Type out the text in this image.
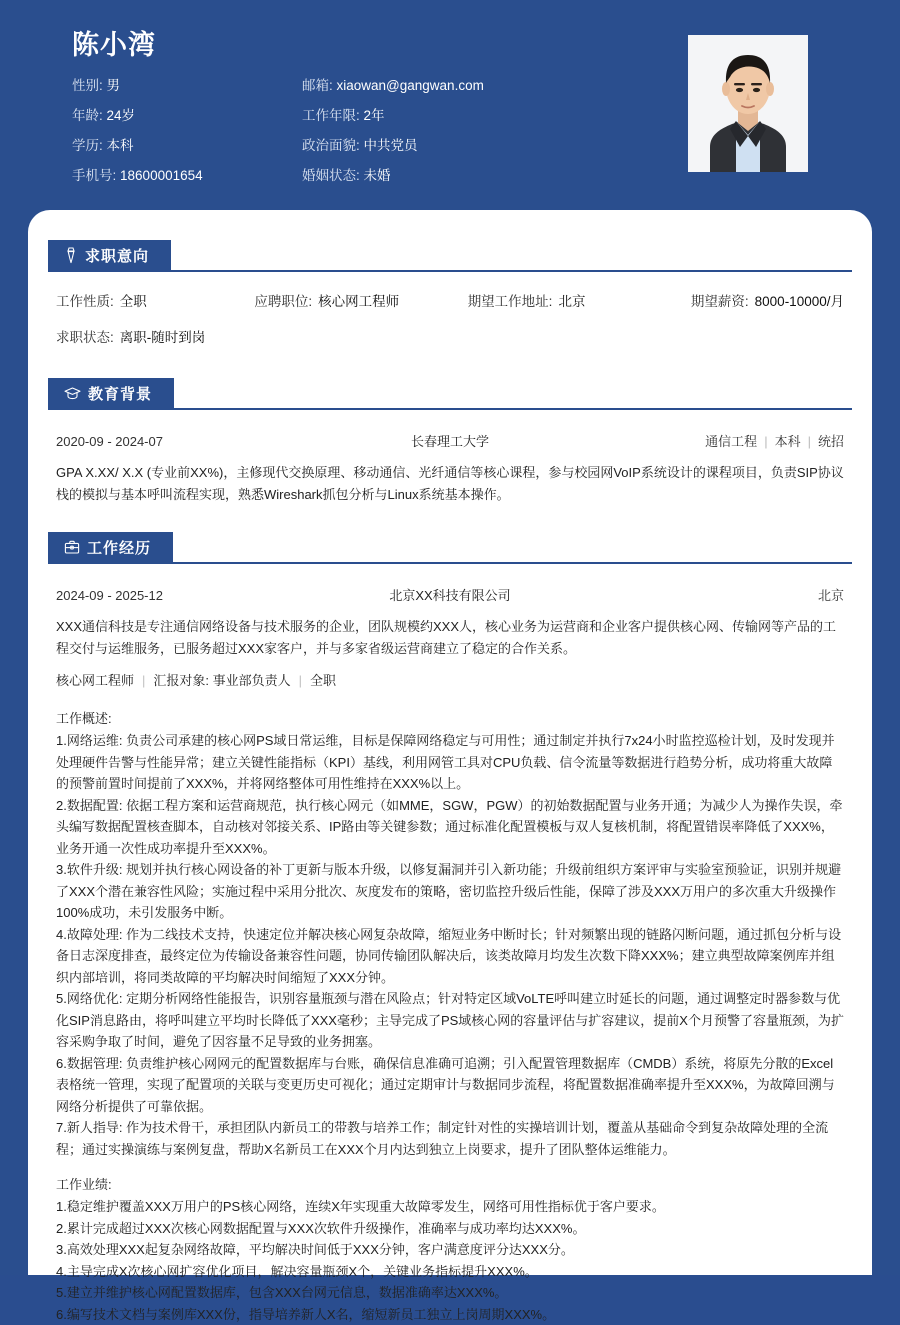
陈小湾
性别: 男	邮箱: xiaowan@gangwan.com
年龄: 24岁	工作年限: 2年
学历: 本科	政治面貌: 中共党员
手机号: 18600001654	婚姻状态: 未婚
求职意向
工作性质: 全职	应聘职位: 核心网工程师	期望工作地址: 北京	期望薪资: 8000-10000/月
求职状态: 离职-随时到岗
教育背景
2020-09 - 2024-07	长春理工大学	通信工程 | 本科 | 统招
GPA X.XX/ X.X (专业前XX%)，主修现代交换原理、移动通信、光纤通信等核心课程，参与校园网VoIP系统设计的课程项目，负责SIP协议栈的模拟与基本呼叫流程实现，熟悉Wireshark抓包分析与Linux系统基本操作。
工作经历
2024-09 - 2025-12	北京XX科技有限公司	北京
XXX通信科技是专注通信网络设备与技术服务的企业，团队规模约XXX人，核心业务为运营商和企业客户提供核心网、传输网等产品的工程交付与运维服务，已服务超过XXX家客户，并与多家省级运营商建立了稳定的合作关系。
核心网工程师 | 汇报对象: 事业部负责人 | 全职
工作概述:
1.网络运维: 负责公司承建的核心网PS域日常运维，目标是保障网络稳定与可用性；通过制定并执行7x24小时监控巡检计划，及时发现并处理硬件告警与性能异常；建立关键性能指标（KPI）基线，利用网管工具对CPU负载、信令流量等数据进行趋势分析，成功将重大故障的预警前置时间提前了XXX%，并将网络整体可用性维持在XXX%以上。
2.数据配置: 依据工程方案和运营商规范，执行核心网元（如MME，SGW，PGW）的初始数据配置与业务开通；为减少人为操作失误，牵头编写数据配置核查脚本，自动核对邻接关系、IP路由等关键参数；通过标准化配置模板与双人复核机制，将配置错误率降低了XXX%，业务开通一次性成功率提升至XXX%。
3.软件升级: 规划并执行核心网设备的补丁更新与版本升级，以修复漏洞并引入新功能；升级前组织方案评审与实验室预验证，识别并规避了XXX个潜在兼容性风险；实施过程中采用分批次、灰度发布的策略，密切监控升级后性能，保障了涉及XXX万用户的多次重大升级操作100%成功，未引发服务中断。
4.故障处理: 作为二线技术支持，快速定位并解决核心网复杂故障，缩短业务中断时长；针对频繁出现的链路闪断问题，通过抓包分析与设备日志深度排查，最终定位为传输设备兼容性问题，协同传输团队解决后，该类故障月均发生次数下降XXX%；建立典型故障案例库并组织内部培训，将同类故障的平均解决时间缩短了XXX分钟。
5.网络优化: 定期分析网络性能报告，识别容量瓶颈与潜在风险点；针对特定区域VoLTE呼叫建立时延长的问题，通过调整定时器参数与优化SIP消息路由，将呼叫建立平均时长降低了XXX毫秒；主导完成了PS域核心网的容量评估与扩容建议，提前X个月预警了容量瓶颈，为扩容采购争取了时间，避免了因容量不足导致的业务拥塞。
6.数据管理: 负责维护核心网网元的配置数据库与台账，确保信息准确可追溯；引入配置管理数据库（CMDB）系统，将原先分散的Excel表格统一管理，实现了配置项的关联与变更历史可视化；通过定期审计与数据同步流程，将配置数据准确率提升至XXX%，为故障回溯与网络分析提供了可靠依据。
7.新人指导: 作为技术骨干，承担团队内新员工的带教与培养工作；制定针对性的实操培训计划，覆盖从基础命令到复杂故障处理的全流程；通过实操演练与案例复盘，帮助X名新员工在XXX个月内达到独立上岗要求，提升了团队整体运维能力。
工作业绩:
1.稳定维护覆盖XXX万用户的PS核心网络，连续X年实现重大故障零发生，网络可用性指标优于客户要求。
2.累计完成超过XXX次核心网数据配置与XXX次软件升级操作，准确率与成功率均达XXX%。
3.高效处理XXX起复杂网络故障，平均解决时间低于XXX分钟，客户满意度评分达XXX分。
4.主导完成X次核心网扩容优化项目，解决容量瓶颈X个，关键业务指标提升XXX%。
5.建立并维护核心网配置数据库，包含XXX台网元信息，数据准确率达XXX%。
6.编写技术文档与案例库XXX份，指导培养新人X名，缩短新员工独立上岗周期XXX%。
